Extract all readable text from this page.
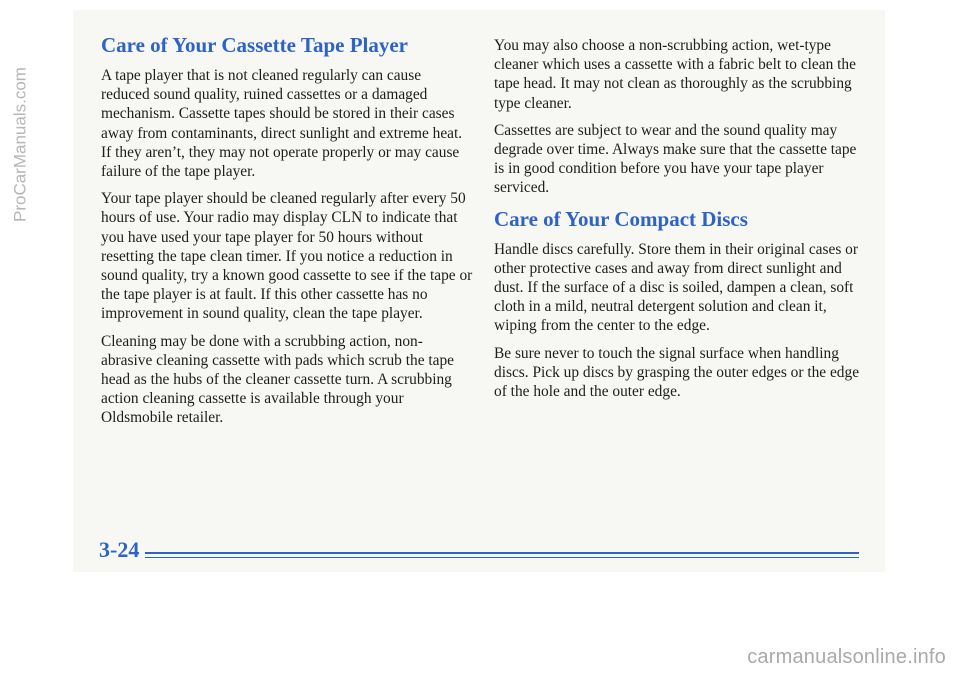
Care of Your Cassette Tape Player

A tape player that is not cleaned regularly can cause reduced sound quality, ruined cassettes or a damaged mechanism. Cassette tapes should be stored in their cases away from contaminants, direct sunlight and extreme heat. If they aren’t, they may not operate properly or may cause failure of the tape player.

Your tape player should be cleaned regularly after every 50 hours of use. Your radio may display CLN to indicate that you have used your tape player for 50 hours without resetting the tape clean timer. If you notice a reduction in sound quality, try a known good cassette to see if the tape or the tape player is at fault. If this other cassette has no improvement in sound quality, clean the tape player.

Cleaning may be done with a scrubbing action, non-abrasive cleaning cassette with pads which scrub the tape head as the hubs of the cleaner cassette turn. A scrubbing action cleaning cassette is available through your Oldsmobile retailer.

You may also choose a non-scrubbing action, wet-type cleaner which uses a cassette with a fabric belt to clean the tape head. It may not clean as thoroughly as the scrubbing type cleaner.

Cassettes are subject to wear and the sound quality may degrade over time. Always make sure that the cassette tape is in good condition before you have your tape player serviced.

Care of Your Compact Discs

Handle discs carefully. Store them in their original cases or other protective cases and away from direct sunlight and dust. If the surface of a disc is soiled, dampen a clean, soft cloth in a mild, neutral detergent solution and clean it, wiping from the center to the edge.

Be sure never to touch the signal surface when handling discs. Pick up discs by grasping the outer edges or the edge of the hole and the outer edge.

3-24
ProCarManuals.com
carmanualsonline.info
